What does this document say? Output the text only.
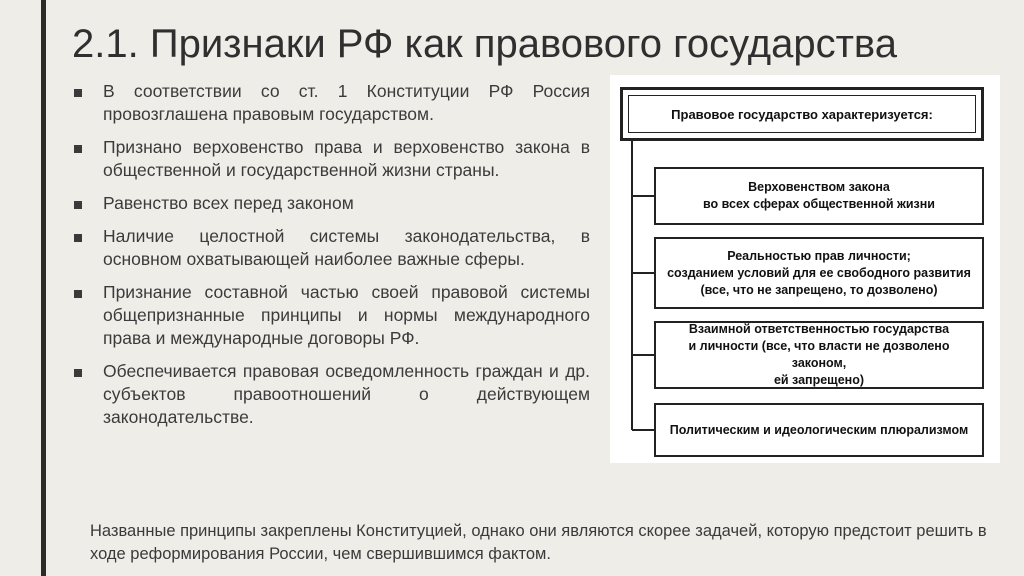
2.1. Признаки РФ как правового государства
В соответствии со ст. 1 Конституции РФ Россия провозглашена правовым государством.
Признано верховенство права и верховенство закона в общественной и государственной жизни страны.
Равенство всех перед законом
Наличие целостной системы законодательства, в основном охватывающей наиболее важные сферы.
Признание составной частью своей правовой системы общепризнанные принципы и нормы международного права и международные договоры РФ.
Обеспечивается правовая осведомленность граждан и др. субъектов правоотношений о действующем законодательстве.
Правовое государство характеризуется:
Верховенством закона
во всех сферах общественной жизни
Реальностью прав личности;
созданием условий для ее свободного развития
(все, что не запрещено, то дозволено)
Взаимной ответственностью государства
и личности (все, что власти не дозволено законом,
ей запрещено)
Политическим и идеологическим плюрализмом
Названные принципы закреплены Конституцией, однако они являются скорее задачей, которую предстоит решить в ходе реформирования России, чем свершившимся фактом.
